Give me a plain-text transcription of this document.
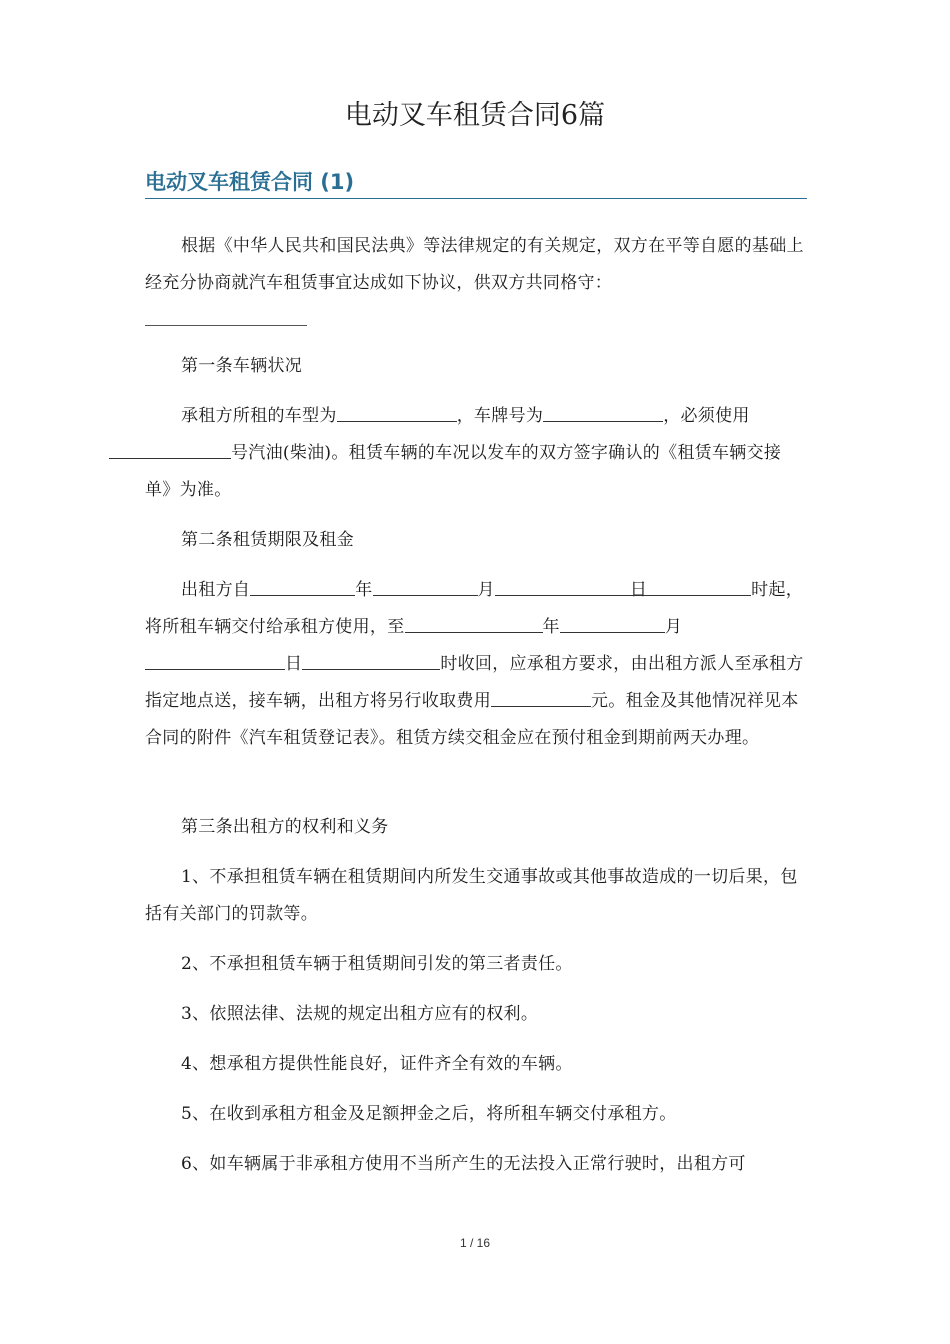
电动叉车租赁合同6篇
电动叉车租赁合同 (1)

根据《中华人民共和国民法典》等法律规定的有关规定，双方在平等自愿的基础上经充分协商就汽车租赁事宜达成如下协议，供双方共同格守：

第一条车辆状况

承租方所租的车型为	，车牌号为	，必须使用号汽油(柴油)。租赁车辆的车况以发车的双方签字确认的《租赁车辆交接单》为准。

第二条租赁期限及租金

出租方自	年	月	日	时起，将所租车辆交付给承租方使用，至	年	月日	时收回，应承租方要求，由出租方派人至承租方指定地点送，接车辆，出租方将另行收取费用	元。租金及其他情况祥见本合同的附件《汽车租赁登记表》。租赁方续交租金应在预付租金到期前两天办理。

第三条出租方的权利和义务

1、不承担租赁车辆在租赁期间内所发生交通事故或其他事故造成的一切后果，包括有关部门的罚款等。

2、不承担租赁车辆于租赁期间引发的第三者责任。

3、依照法律、法规的规定出租方应有的权利。

4、想承租方提供性能良好，证件齐全有效的车辆。

5、在收到承租方租金及足额押金之后，将所租车辆交付承租方。

6、如车辆属于非承租方使用不当所产生的无法投入正常行驶时，出租方可

1 / 16
